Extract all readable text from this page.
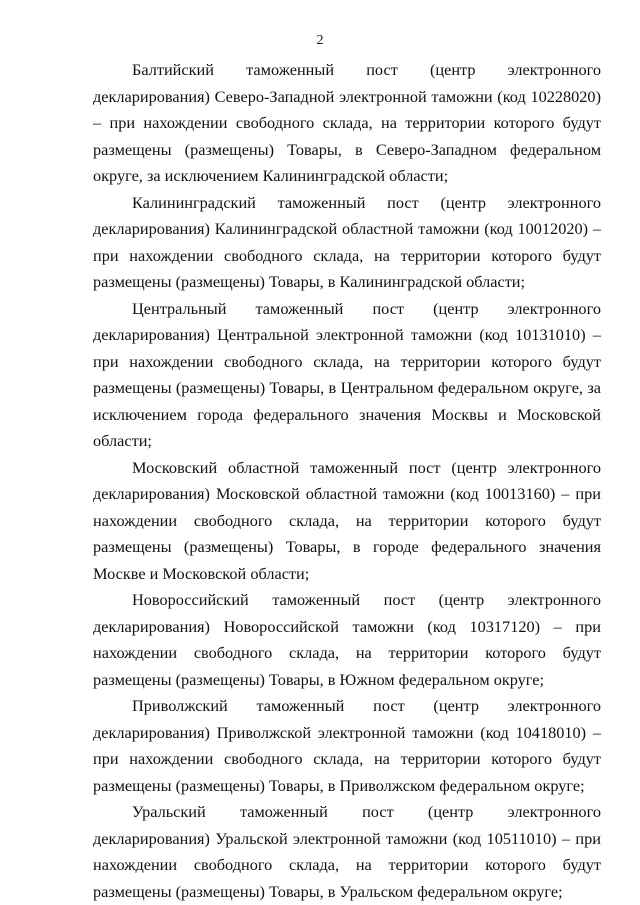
2

Балтийский таможенный пост (центр электронного декларирования) Северо-Западной электронной таможни (код 10228020) – при нахождении свободного склада, на территории которого будут размещены (размещены) Товары, в Северо-Западном федеральном округе, за исключением Калининградской области;

Калининградский таможенный пост (центр электронного декларирования) Калининградской областной таможни (код 10012020) – при нахождении свободного склада, на территории которого будут размещены (размещены) Товары, в Калининградской области;

Центральный таможенный пост (центр электронного декларирования) Центральной электронной таможни (код 10131010) – при нахождении свободного склада, на территории которого будут размещены (размещены) Товары, в Центральном федеральном округе, за исключением города федерального значения Москвы и Московской области;

Московский областной таможенный пост (центр электронного декларирования) Московской областной таможни (код 10013160) – при нахождении свободного склада, на территории которого будут размещены (размещены) Товары, в городе федерального значения Москве и Московской области;

Новороссийский таможенный пост (центр электронного декларирования) Новороссийской таможни (код 10317120) – при нахождении свободного склада, на территории которого будут размещены (размещены) Товары, в Южном федеральном округе;

Приволжский таможенный пост (центр электронного декларирования) Приволжской электронной таможни (код 10418010) – при нахождении свободного склада, на территории которого будут размещены (размещены) Товары, в Приволжском федеральном округе;

Уральский таможенный пост (центр электронного декларирования) Уральской электронной таможни (код 10511010) – при нахождении свободного склада, на территории которого будут размещены (размещены) Товары, в Уральском федеральном округе;
